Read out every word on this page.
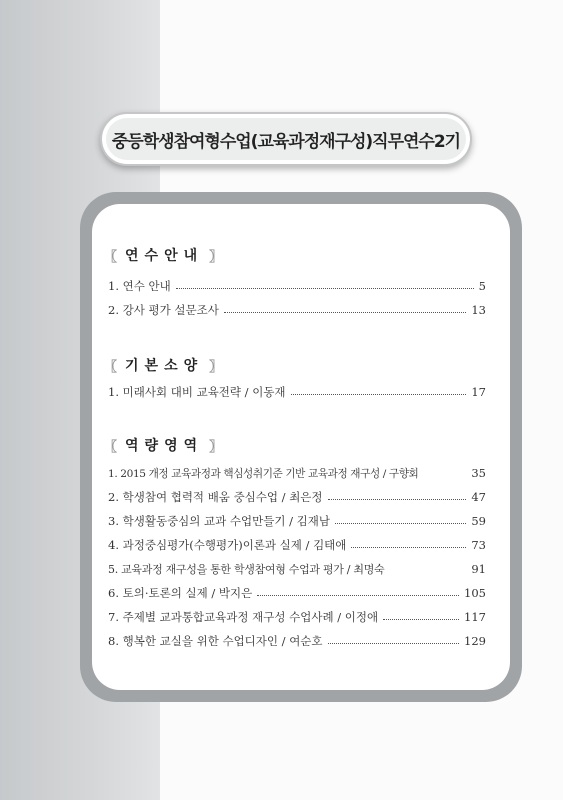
중등학생참여형수업(교육과정재구성)직무연수2기
〖 연수안내 〗
1. 연수 안내	5
2. 강사 평가 설문조사	13
〖 기본소양 〗
1. 미래사회 대비 교육전략 / 이동재	17
〖 역량영역 〗
1. 2015 개정 교육과정과 핵심성취기준 기반 교육과정 재구성 / 구향회	35
2. 학생참여 협력적 배움 중심수업 / 최은정	47
3. 학생활동중심의 교과 수업만들기 / 김재남	59
4. 과정중심평가(수행평가)이론과 실제 / 김태애	73
5. 교육과정 재구성을 통한 학생참여형 수업과 평가 / 최명숙	91
6. 토의·토론의 실제 / 박지은	105
7. 주제별 교과통합교육과정 재구성 수업사례 / 이정애	117
8. 행복한 교실을 위한 수업디자인 / 여순호	129
